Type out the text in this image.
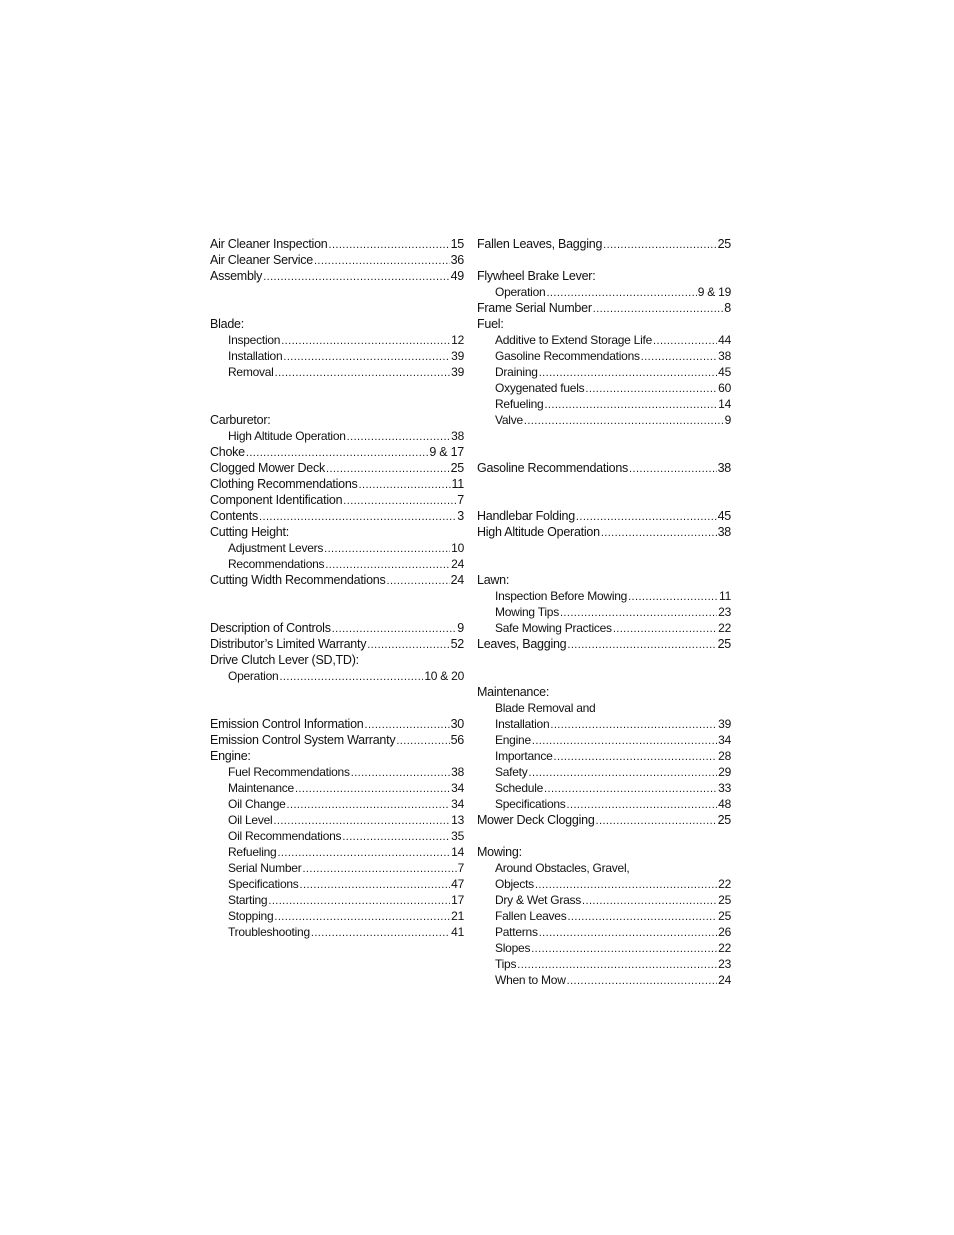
Air Cleaner Inspection .....	15
Air Cleaner Service .....	36
Assembly .....	49
Blade:
Inspection .....	12
Installation .....	39
Removal .....	39
Carburetor:
High Altitude Operation .....	38
Choke .....	9 & 17
Clogged Mower Deck .....	25
Clothing Recommendations .....	11
Component Identification .....	7
Contents .....	3
Cutting Height:
Adjustment Levers .....	10
Recommendations .....	24
Cutting Width Recommendations .....	24
Description of Controls .....	9
Distributor’s Limited Warranty .....	52
Drive Clutch Lever (SD,TD):
Operation .....	10 & 20
Emission Control Information .....	30
Emission Control System Warranty .....	56
Engine:
Fuel Recommendations .....	38
Maintenance .....	34
Oil Change .....	34
Oil Level .....	13
Oil Recommendations .....	35
Refueling .....	14
Serial Number .....	7
Specifications .....	47
Starting .....	17
Stopping .....	21
Troubleshooting .....	41
Fallen Leaves, Bagging .....	25
Flywheel Brake Lever:
Operation .....	9 & 19
Frame Serial Number .....	8
Fuel:
Additive to Extend Storage Life .....	44
Gasoline Recommendations .....	38
Draining .....	45
Oxygenated fuels .....	60
Refueling .....	14
Valve .....	9
Gasoline Recommendations .....	38
Handlebar Folding .....	45
High Altitude Operation .....	38
Lawn:
Inspection Before Mowing .....	11
Mowing Tips .....	23
Safe Mowing Practices .....	22
Leaves, Bagging .....	25
Maintenance:
Blade Removal and
Installation .....	39
Engine .....	34
Importance .....	28
Safety .....	29
Schedule .....	33
Specifications .....	48
Mower Deck Clogging .....	25
Mowing:
Around Obstacles, Gravel,
Objects .....	22
Dry & Wet Grass .....	25
Fallen Leaves .....	25
Patterns .....	26
Slopes .....	22
Tips .....	23
When to Mow .....	24
